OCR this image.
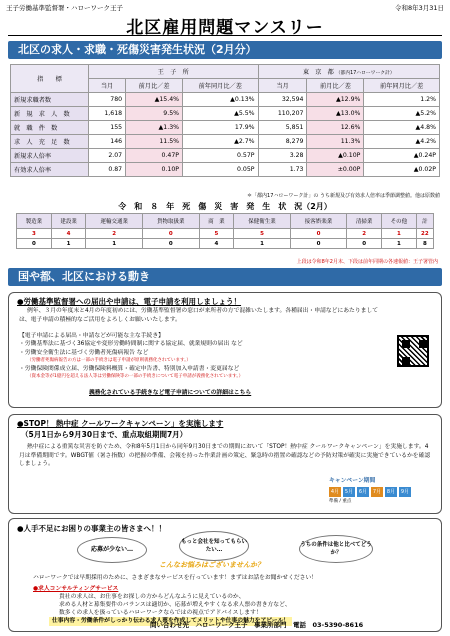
王子労働基準監督署・ハローワーク王子	令和8年3月31日
北区雇用問題マンスリー
北区の求人・求職・死傷災害発生状況（2月分）
指　　標	王　子　所			東　京　都 （都内17ハローワーク計）		
	当月	前月比／差	前年同月比／差	当月	前月比／差	前年同月比／差
新規求職者数	780	▲15.4%	▲0.13%	32,594	▲12.9%	1.2%
新　規　求　人　数	1,618	9.5%	▲5.5%	110,207	▲13.0%	▲5.2%
就　職　件　数	155	▲1.3%	17.9%	5,851	12.6%	▲4.8%
求　人　充　足　数	146	11.5%	▲2.7%	8,279	11.3%	▲4.2%
新規求人倍率	2.07	0.47P	0.57P	3.28	▲0.10P	▲0.24P
有効求人倍率	0.87	0.10P	0.05P	1.73	±0.00P	▲0.02P
＊「都内17ハローワーク計」の うち新規及び有効求人倍率は季節調整値。他は原数値
令　和　８　年　死　傷　災　害　発　生　状　況（2月）
製造業	建設業	運輸交通業	貨物取扱業	商　業	保健衛生業	接客娯楽業	清掃業	その他	計
3	4	2	0	5	5	0	2	1	22
0	1	1	0	4	1	0	0	1	8
上段は令和8年2月末、下段は前年同期の各速報値：王子署管内
国や都、北区における動き
●労働基準監督署への届出や申請は、電子申請を利用しましょう！
例年、３月の年度末と4月の年度初めには、労働基準監督署の窓口が来所者の方で混雑いたします。各種届出・申請などにあたりましては、電子申請の積極的なご活用をよろしくお願いいたします。
【電子申請による届出・申請などが可能な主な手続き】
・労働基準法に基づく36協定や変形労働時間制に関する協定届、就業規則の届出 など
・労働安全衛生法に基づく労働者死傷病報告 など
（労働者死傷病報告の方は一部の手続きは電子申請が原則義務化されています。）
・労働保険関係成立届、労働保険料概算・確定申告書、特別加入申請書・変更届など
（資本金等が1億円を超える法人等は労働保険等の一部の手続きについて電子申請が義務化されています。）
義務化されている手続きなど電子申請についての詳細はこちら
●STOP！ 熱中症 クールワークキャンペーン」を実施します
（5月1日から9月30日まで、重点取組期間7月）
熱中症による重篤な災害を防ぐため、令和8年5月1日から同年9月30日までの期間において「STOP！熱中症 クールワークキャンペーン」を実施します。4月は準備期間です。WBGT値（暑さ指数）の把握の準備、会報を持った作業計画の策定、緊急時の措置の確認などの予防対策が確実に実施できているかを確認しましょう。
キャンペーン期間
4月	5月	6月	7月	8月	9月
準備 / 重点
●人手不足にお困りの事業主の皆さまへ！！
応募が少ない…
もっと会社を知ってもらいたい…
うちの条件は他と比べてどうか？
こんなお悩みはございませんか？
ハローワークでは早期採用のために、さまざまなサービスを行っています！まずはお話をお聞かせください！
●求人コンサルティングサービス
貴社の求人は、お仕事をお探しの方からどんなふうに見えているのか、
求める人材と募集要件のバランスは適切か、応募が増えやすくなる求人票の書き方など、
数多くの求人を扱っているハローワークならではの視点でアドバイスします！
仕事内容・労働条件がしっかり伝わる求人票を作成してメリットや仕事の魅力をアピール！
問い合わせ先　ハローワーク王子　事業所部門　電話　03-5390-8616
